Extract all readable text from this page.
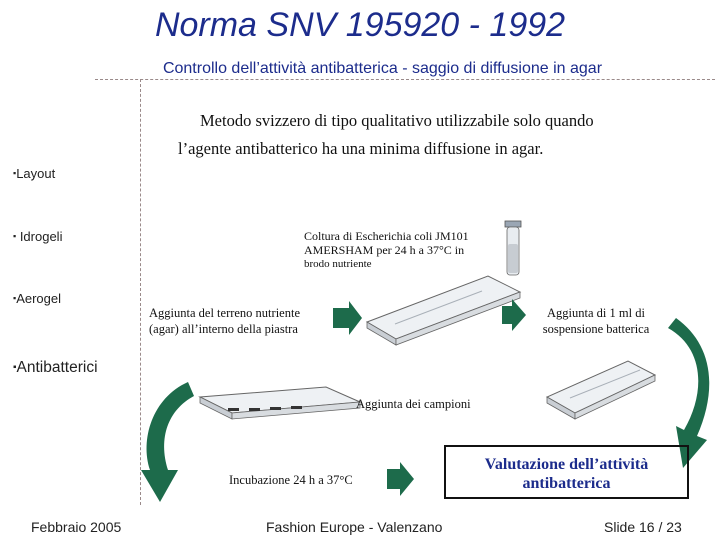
Norma SNV 195920 - 1992
Controllo dell’attività antibatterica - saggio di diffusione in agar
Metodo svizzero di tipo qualitativo utilizzabile solo quando
l’agente antibatterico ha una minima diffusione in agar.
▪Layout
▪ Idrogeli
▪Aerogel
▪Antibatterici
Coltura di Escherichia coli JM101
AMERSHAM per 24 h a 37°C in
brodo nutriente
Aggiunta del terreno nutriente
(agar) all’interno della piastra
Aggiunta di 1 ml di
sospensione batterica
Aggiunta dei campioni
Incubazione 24 h a 37°C
Valutazione dell’attività
antibatterica
Febbraio 2005	Fashion Europe - Valenzano	Slide 16 / 23
